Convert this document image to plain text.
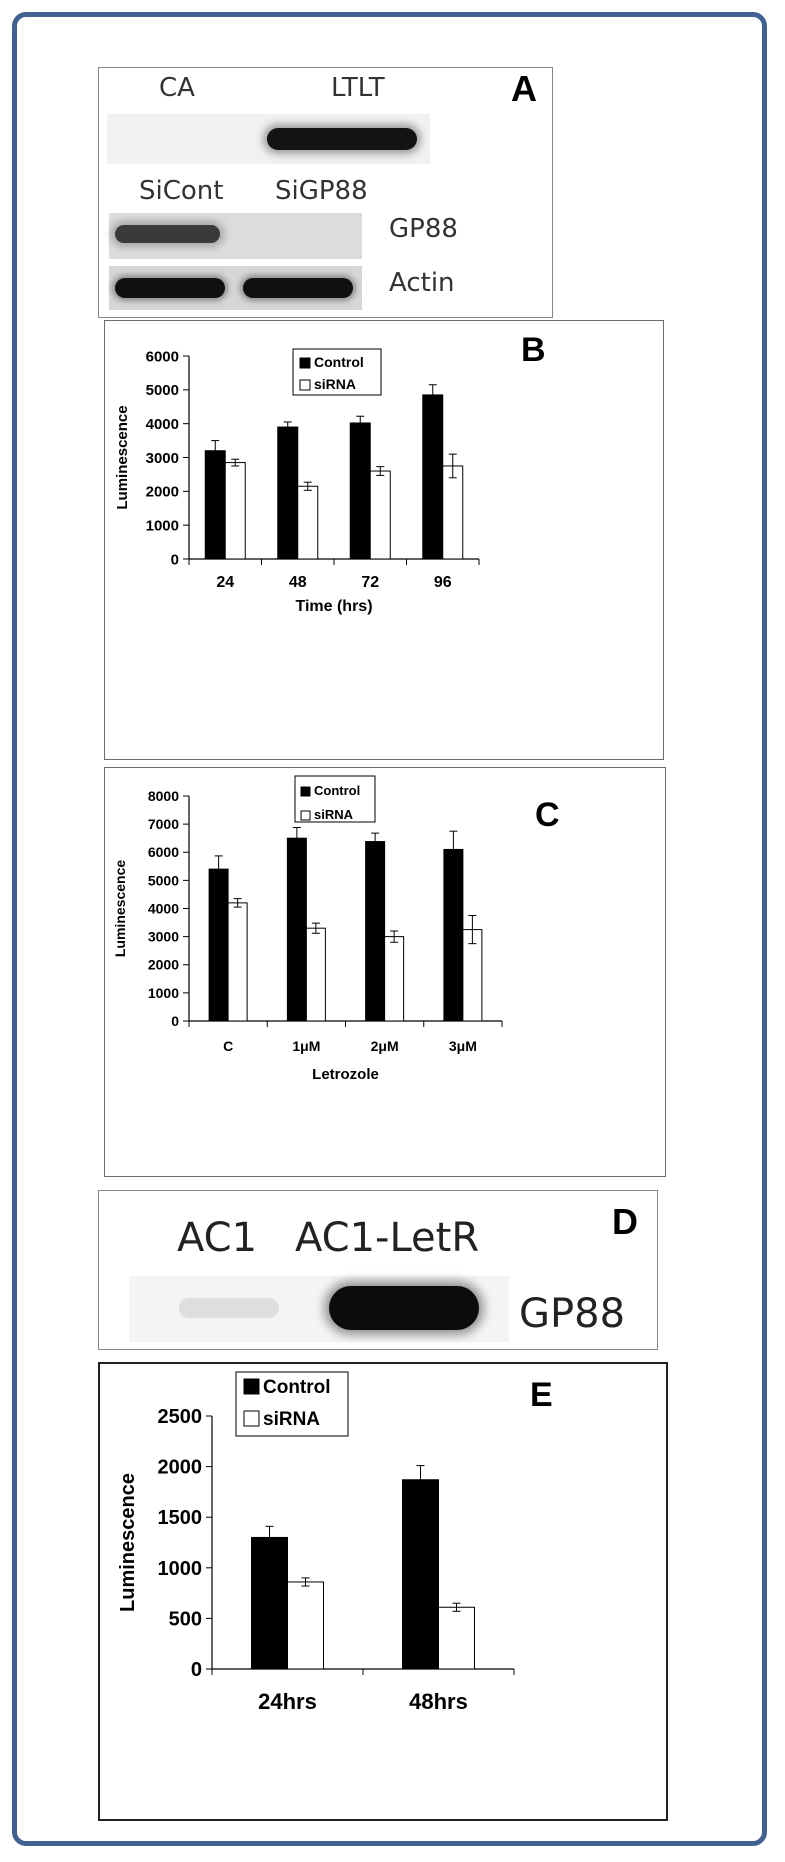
CA	LTLT
SiCont SiGP88
GP88
Actin
A
0
1000
2000
3000
4000
5000
6000
24	48	72	96
Time (hrs)
Luminescence
Control
siRNA
B
0
1000
2000
3000
4000
5000
6000
7000
8000
C	1μM	2μM	3μM
Letrozole
Luminescence
Control
siRNA	C
AC1 AC1-LetR
GP88
D
0
500
1000
1500
2000
2500
24hrs	48hrs
Luminescence
Control
siRNA
E
